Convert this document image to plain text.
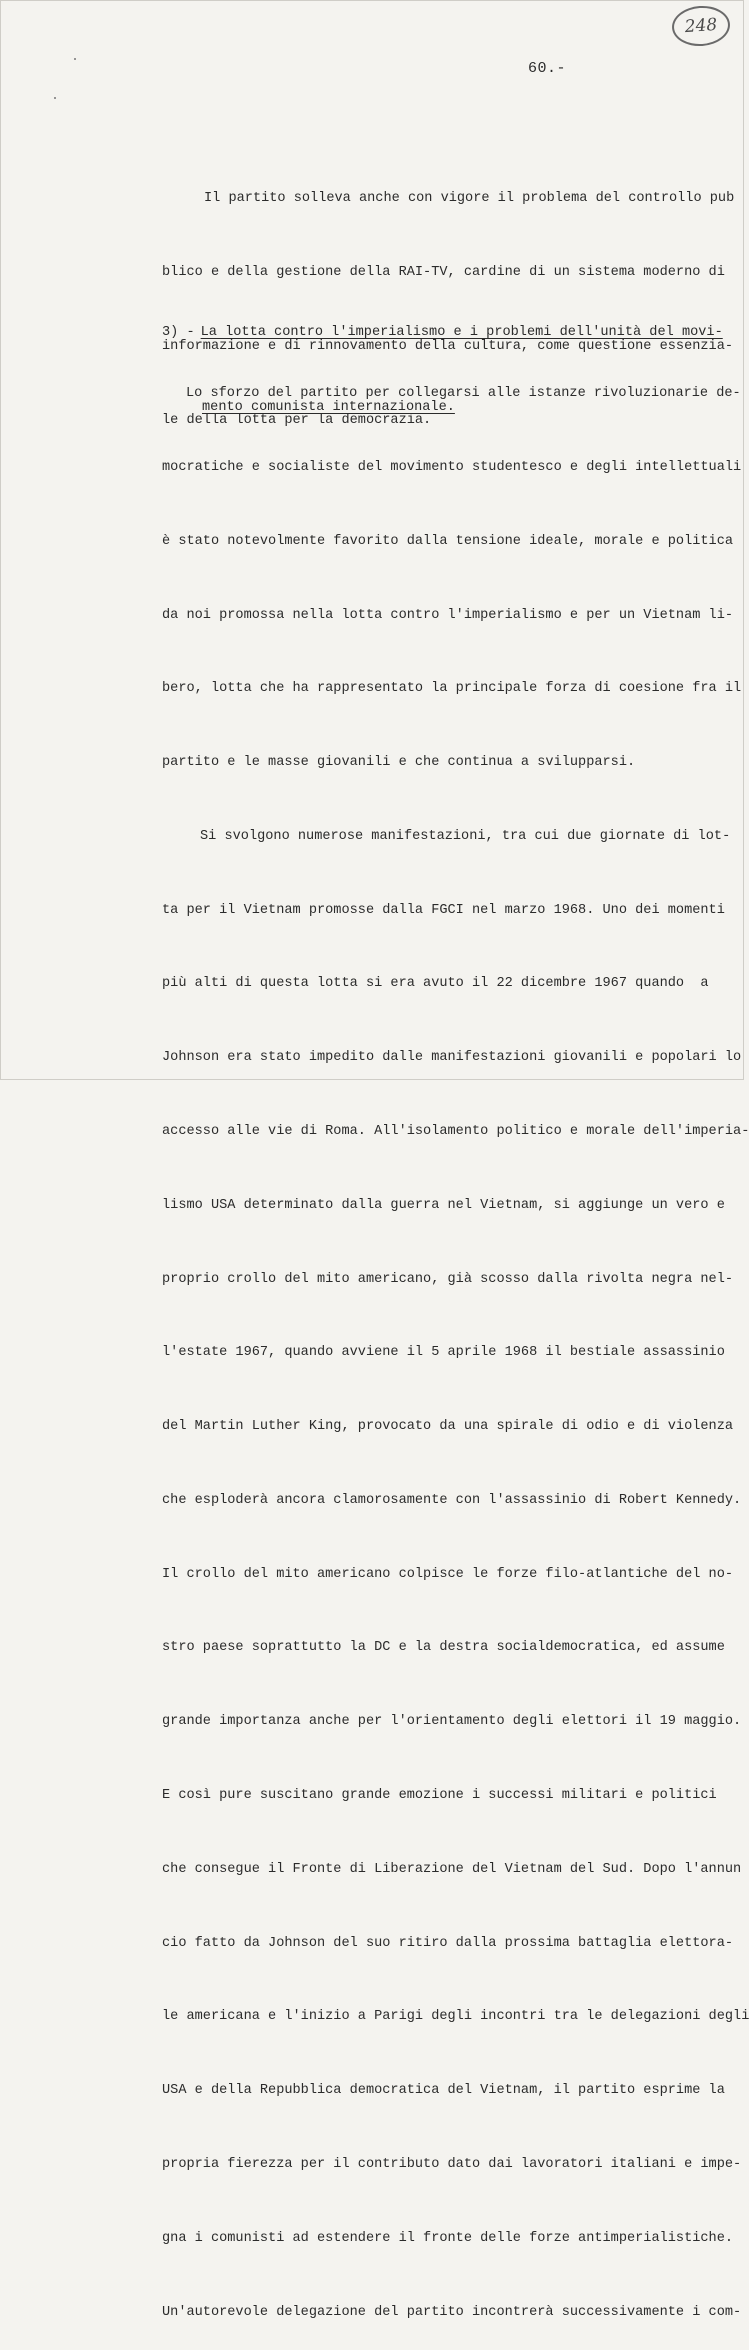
248
60.-

Il partito solleva anche con vigore il problema del controllo pub

blico e della gestione della RAI-TV, cardine di un sistema moderno di

informazione e di rinnovamento della cultura, come questione essenzia-

le della lotta per la democrazia.

3) - La lotta contro l'imperialismo e i problemi dell'unità del movi-

mento comunista internazionale.

Lo sforzo del partito per collegarsi alle istanze rivoluzionarie de-

mocratiche e socialiste del movimento studentesco e degli intellettuali

è stato notevolmente favorito dalla tensione ideale, morale e politica

da noi promossa nella lotta contro l'imperialismo e per un Vietnam li-

bero, lotta che ha rappresentato la principale forza di coesione fra il

partito e le masse giovanili e che continua a svilupparsi.

Si svolgono numerose manifestazioni, tra cui due giornate di lot-

ta per il Vietnam promosse dalla FGCI nel marzo 1968. Uno dei momenti

più alti di questa lotta si era avuto il 22 dicembre 1967 quando  a

Johnson era stato impedito dalle manifestazioni giovanili e popolari lo

accesso alle vie di Roma. All'isolamento politico e morale dell'imperia-

lismo USA determinato dalla guerra nel Vietnam, si aggiunge un vero e

proprio crollo del mito americano, già scosso dalla rivolta negra nel-

l'estate 1967, quando avviene il 5 aprile 1968 il bestiale assassinio

del Martin Luther King, provocato da una spirale di odio e di violenza

che esploderà ancora clamorosamente con l'assassinio di Robert Kennedy.

Il crollo del mito americano colpisce le forze filo-atlantiche del no-

stro paese soprattutto la DC e la destra socialdemocratica, ed assume

grande importanza anche per l'orientamento degli elettori il 19 maggio.

E così pure suscitano grande emozione i successi militari e politici

che consegue il Fronte di Liberazione del Vietnam del Sud. Dopo l'annun

cio fatto da Johnson del suo ritiro dalla prossima battaglia elettora-

le americana e l'inizio a Parigi degli incontri tra le delegazioni degli

USA e della Repubblica democratica del Vietnam, il partito esprime la

propria fierezza per il contributo dato dai lavoratori italiani e impe-

gna i comunisti ad estendere il fronte delle forze antimperialistiche.

Un'autorevole delegazione del partito incontrerà successivamente i com-
